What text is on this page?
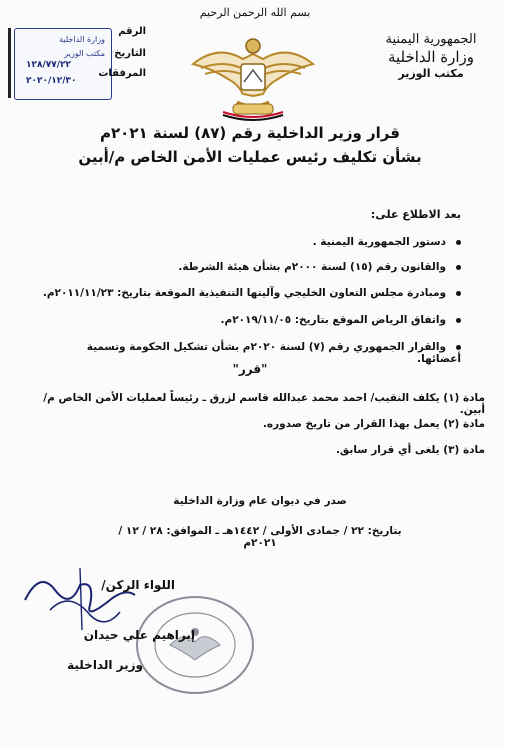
بسم الله الرحمن الرحيم
الجمهورية اليمنية
وزارة الداخلية
مكتب الوزير
وزارة الداخلية
مكتب الوزير
الرقم
التاريخ
المرفقات
١٢٨/٧٧/٢٢
٢٠٢٠/١٢/٣٠
قرار وزير الداخلية رقم (٨٧) لسنة ٢٠٢١م
بشأن تكليف رئيس عمليات الأمن الخاص م/أبين
بعد الاطلاع على:
دستور الجمهورية اليمنية .
والقانون رقم (١٥) لسنة ٢٠٠٠م بشأن هيئة الشرطة.
ومبادرة مجلس التعاون الخليجي وآليتها التنفيذية الموقعة بتاريخ: ٢٠١١/١١/٢٣م.
واتفاق الرياض الموقع بتاريخ: ٢٠١٩/١١/٠٥م.
والقرار الجمهوري رقم (٧) لسنة ٢٠٢٠م بشأن تشكيل الحكومة وتسمية أعضائها.
"قرر"
مادة (١) يكلف النقيب/ احمد محمد عبدالله قاسم لزرق ـ رئيساً لعمليات الأمن الخاص م/أبين.
مادة (٢) يعمل بهذا القرار من تاريخ صدوره.
مادة (٣) يلغى أي قرار سابق.
صدر في ديوان عام وزارة الداخلية
بتاريخ: ٢٢ / جمادى الأولى / ١٤٤٢هـ ـ الموافق: ٢٨ / ١٢ / ٢٠٢١م
اللواء الركن/
إبراهيم علي حيدان
وزير الداخلية
